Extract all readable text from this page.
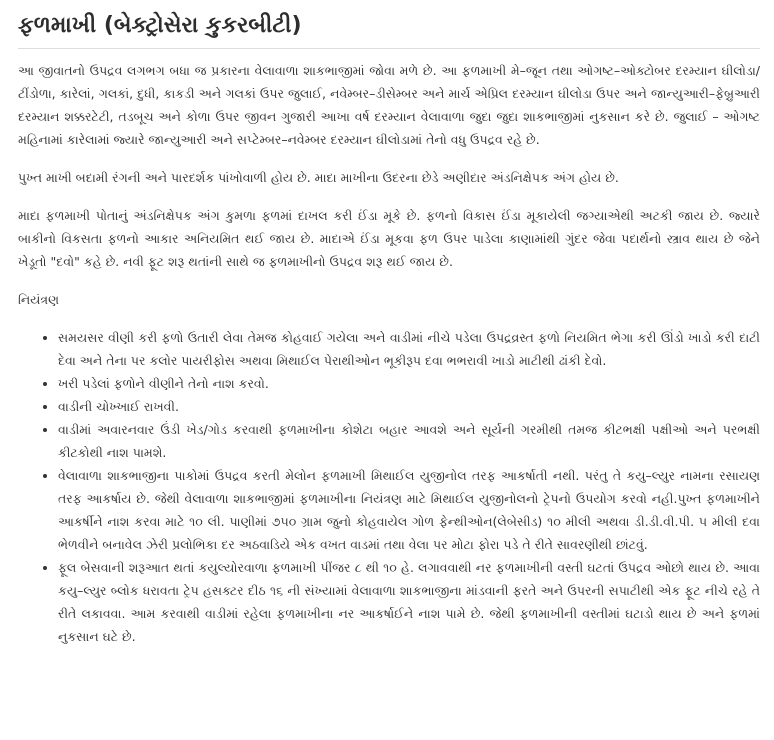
ફળમાખી (બેક્ટ્રોસેરા કુકરબીટી)

આ જીવાતનો ઉપદ્રવ લગભગ બધા જ પ્રકારના વેલાવાળા શાકભાજીમાં જોવા મળે છે. આ ફળમાખી મે–જૂન તથા ઓગષ્ટ–ઓક્ટોબર દરમ્યાન ઘીલોડા/ટીંડોળા, કારેલાં, ગલકાં, દુધી, કાકડી અને ગલકાં ઉપર જુલાઈ, નવેમ્બર–ડીસેમ્બર અને માર્ચ એપ્રિલ દરમ્યાન ઘીલોડા ઉપર અને જાન્યુઆરી–ફેબ્રુઆરી દરમ્યાન શક્કરટેટી, તડબૂચ અને કોળા ઉપર જીવન ગુજારી આખા વર્ષ દરમ્યાન વેલાવાળા જુદા જુદા શાકભાજીમાં નુકસાન કરે છે. જુલાઈ – ઓગષ્ટ મહિનામાં કારેલામાં જ્યારે જાન્યુઆરી અને સપ્ટેમ્બર–નવેમ્બર દરમ્યાન ઘીલોડામાં તેનો વધુ ઉપદ્રવ રહે છે.

પુખ્ત માખી બદામી રંગની અને પારદર્શક પાંખોવાળી હોય છે. માદા માખીના ઉદરના છેડે અણીદાર અંડનિક્ષેપક અંગ હોય છે.

માદા ફળમાખી પોતાનું અંડનિક્ષેપક અંગ કુમળા ફળમાં દાખલ કરી ઈંડા મૂકે છે. ફળનો વિકાસ ઈંડા મૂકાયેલી જગ્યાએથી અટકી જાય છે. જ્યારે બાકીનો વિકસતા ફળનો આકાર અનિયમિત થઈ જાય છે. માદાએ ઈંડા મૂકવા ફળ ઉપર પાડેલા કાણામાંથી ગુંદર જેવા પદાર્થનો સ્ત્રાવ થાય છે જેને ખેડૂતો "દવો" કહે છે. નવી ફૂટ શરૂ થતાંની સાથે જ ફળમાખીનો ઉપદ્રવ શરૂ થઈ જાય છે.

નિયંત્રણ

• સમયસર વીણી કરી ફળો ઉતારી લેવા તેમજ કોહવાઈ ગયેલા અને વાડીમાં નીચે પડેલા ઉપદ્રવ્રસ્ત ફળો નિયમિત ભેગા કરી ઊંડો ખાડો કરી દાટી દેવા અને તેના પર કલોર પાયરીફોસ અથવા મિથાઈલ પેરાથીઓન ભૂકીરૂપ દવા ભભરાવી ખાડો માટીથી ઢાંકી દેવો.
• ખરી પડેલાં ફળોને વીણીને તેનો નાશ કરવો.
• વાડીની ચોખ્ખાઈ રાખવી.
• વાડીમાં અવારનવાર ઉંડી ખેડ/ગોડ કરવાથી ફળમાખીના કોશેટા બહાર આવશે અને સૂર્યની ગરમીથી તમજ કીટભક્ષી પક્ષીઓ અને પરભક્ષી કીટકોથી નાશ પામશે.
• વેલાવાળા શાકભાજીના પાકોમાં ઉપદ્રવ કરતી મેલોન ફળમાખી મિથાઈલ યુજીનોલ તરફ આકર્ષાતી નથી. પરંતુ તે કયુ–લ્યુર નામના રસાયણ તરફ આકર્ષાય છે. જેથી વેલાવાળા શાકભાજીમાં ફળમાખીના નિયંત્રણ માટે મિથાઈલ યુજીનોલનો ટ્રેપનો ઉપયોગ કરવો નહી.પુખ્ત ફળમાખીને આકર્ષીને નાશ કરવા માટે ૧૦ લી. પાણીમાં ૭૫૦ ગ્રામ જુનો કોહવાયેલ ગોળ ફેન્થીઓન(લેબેસીડ) ૧૦ મીલી અથવા ડી.ડી.વી.પી. ૫ મીલી દવા ભેળવીને બનાવેલ ઝેરી પ્રલોભિકા દર અઠવાડિયે એક વખત વાડમાં તથા વેલા પર મોટા ફોરા પડે તે રીતે સાવરણીથી છાંટવું.
• ફૂલ બેસવાની શરૂઆત થતાં કયુલ્યોરવાળા ફળમાખી પીંજર ૮ થી ૧૦ હે. લગાવવાથી નર ફળમાખીની વસ્તી ઘટતાં ઉપદ્રવ ઓછો થાય છે. આવા કયુ–લ્યુર બ્લોક ધરાવતા ટ્રેપ હસક્ટર દીઠ ૧૬ ની સંખ્યામાં વેલાવાળા શાકભાજીના માંડવાની ફરતે અને ઉપરની સપાટીથી એક ફૂટ નીચે રહે તે રીતે લકાવવા. આમ કરવાથી વાડીમાં રહેલા ફળમાખીના નર આકર્ષાઈને નાશ પામે છે. જેથી ફળમાખીની વસ્તીમાં ઘટાડો થાય છે અને ફળમાં નુકસાન ઘટે છે.
